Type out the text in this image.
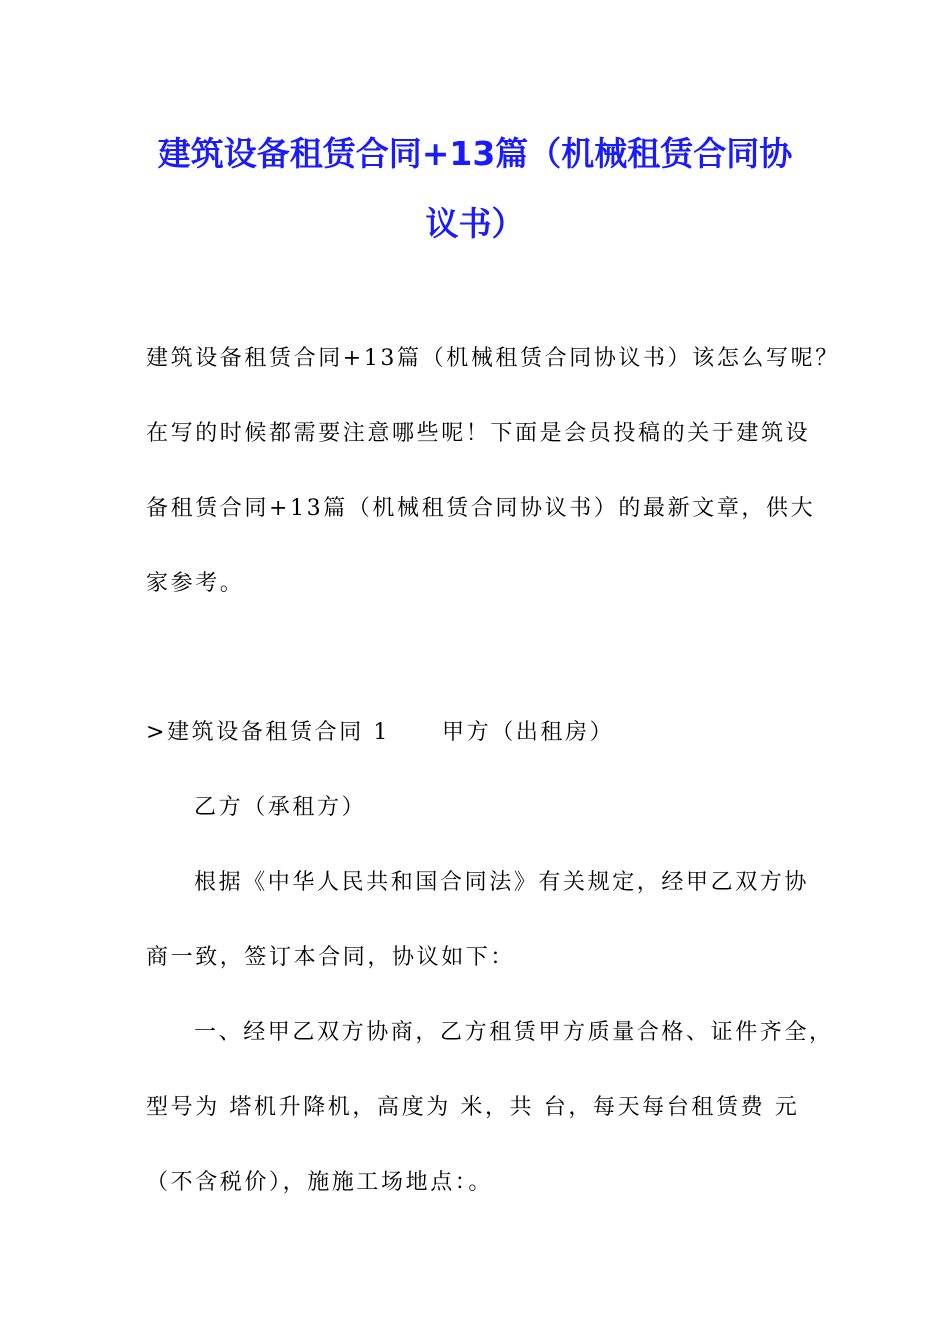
建筑设备租赁合同+13篇（机械租赁合同协
议书）
建筑设备租赁合同+13篇（机械租赁合同协议书）该怎么写呢？
在写的时候都需要注意哪些呢！下面是会员投稿的关于建筑设
备租赁合同+13篇（机械租赁合同协议书）的最新文章，供大
家参考。
>建筑设备租赁合同 1 甲方（出租房）
乙方（承租方）
根据《中华人民共和国合同法》有关规定，经甲乙双方协
商一致，签订本合同，协议如下：
一、经甲乙双方协商，乙方租赁甲方质量合格、证件齐全，
型号为 塔机升降机，高度为 米，共 台，每天每台租赁费 元
（不含税价），施施工场地点：。
